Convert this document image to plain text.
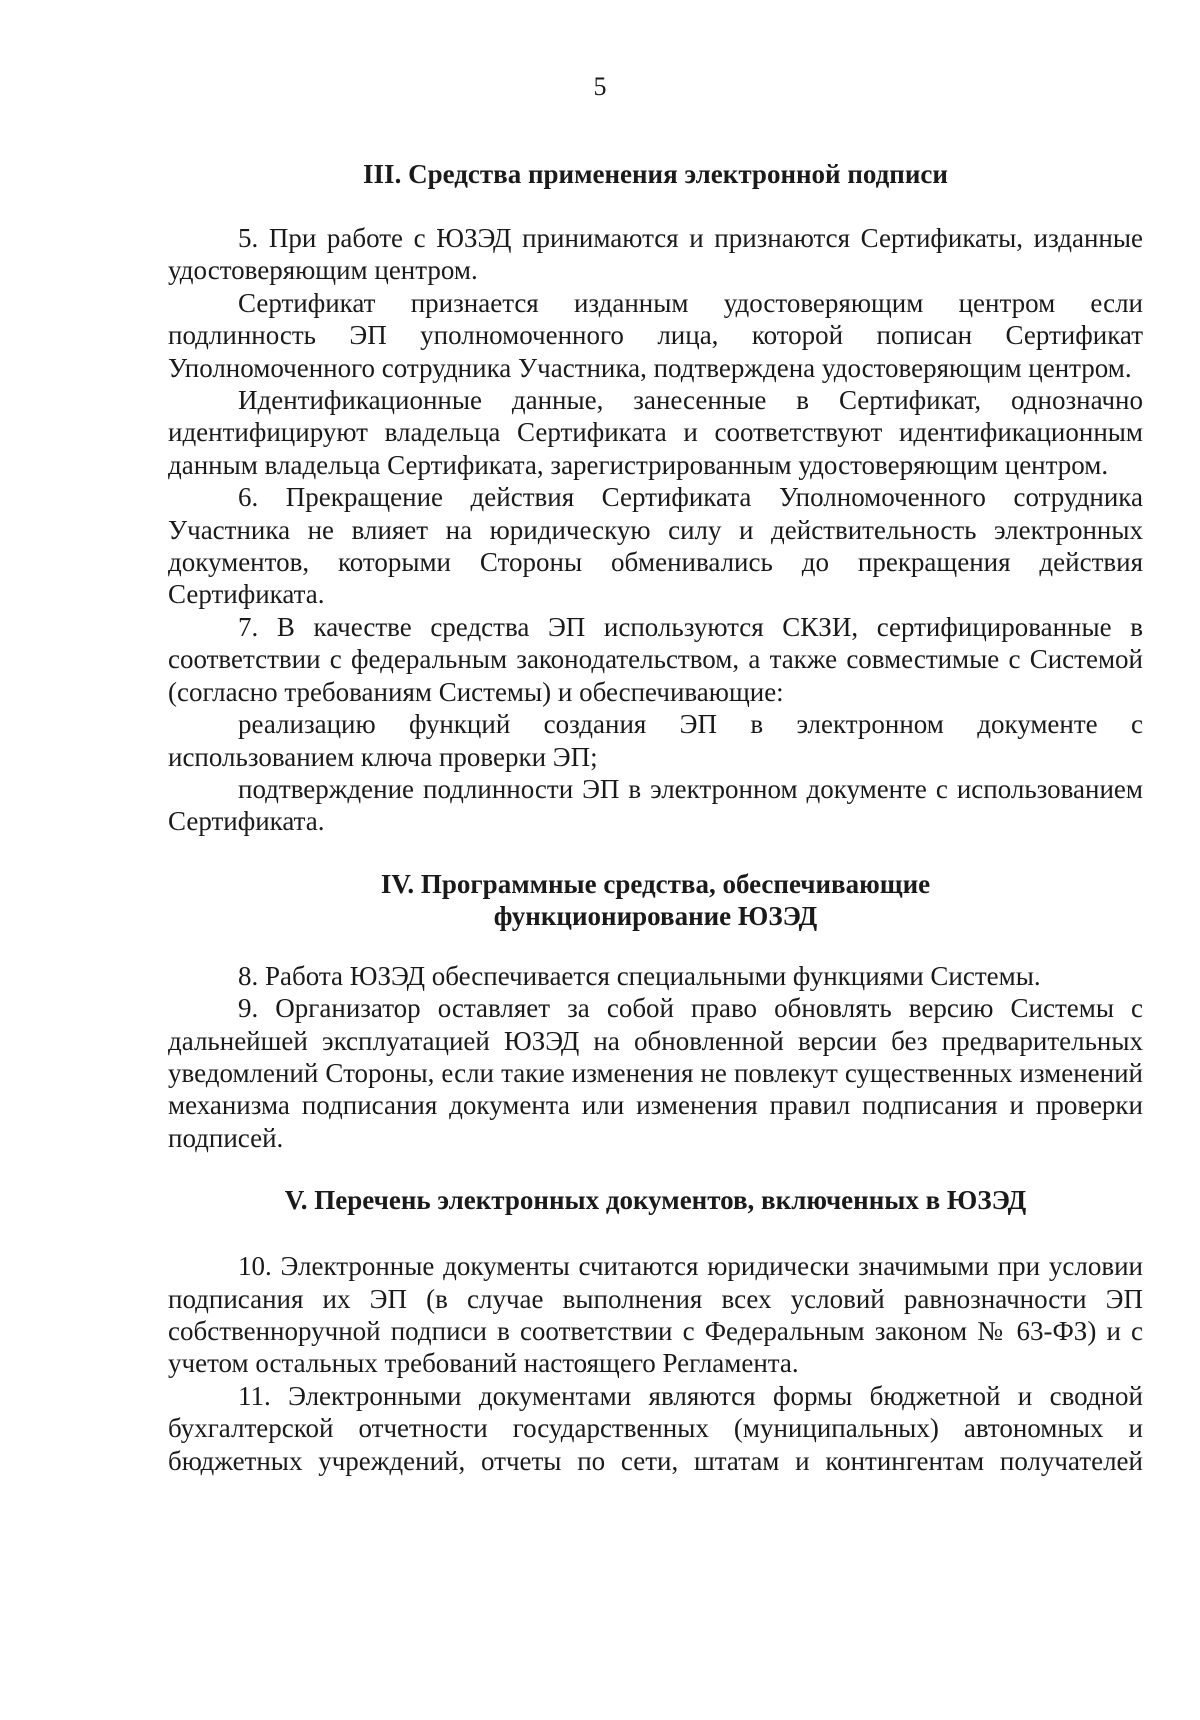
5
III. Средства применения электронной подписи

5. При работе с ЮЗЭД принимаются и признаются Сертификаты, изданные удостоверяющим центром.

Сертификат признается изданным удостоверяющим центром если подлинность ЭП уполномоченного лица, которой пописан Сертификат Уполномоченного сотрудника Участника, подтверждена удостоверяющим центром.

Идентификационные данные, занесенные в Сертификат, однозначно идентифицируют владельца Сертификата и соответствуют идентификационным данным владельца Сертификата, зарегистрированным удостоверяющим центром.

6. Прекращение действия Сертификата Уполномоченного сотрудника Участника не влияет на юридическую силу и действительность электронных документов, которыми Стороны обменивались до прекращения действия Сертификата.

7. В качестве средства ЭП используются СКЗИ, сертифицированные в соответствии с федеральным законодательством, а также совместимые с Системой (согласно требованиям Системы) и обеспечивающие:

реализацию функций создания ЭП в электронном документе с использованием ключа проверки ЭП;

подтверждение подлинности ЭП в электронном документе с использованием Сертификата.

IV. Программные средства, обеспечивающие
функционирование ЮЗЭД

8. Работа ЮЗЭД обеспечивается специальными функциями Системы.

9. Организатор оставляет за собой право обновлять версию Системы с дальнейшей эксплуатацией ЮЗЭД на обновленной версии без предварительных уведомлений Стороны, если такие изменения не повлекут существенных изменений механизма подписания документа или изменения правил подписания и проверки подписей.

V. Перечень электронных документов, включенных в ЮЗЭД

10. Электронные документы считаются юридически значимыми при условии подписания их ЭП (в случае выполнения всех условий равнозначности ЭП собственноручной подписи в соответствии с Федеральным законом № 63-ФЗ) и с учетом остальных требований настоящего Регламента.

11. Электронными документами являются формы бюджетной и сводной бухгалтерской отчетности государственных (муниципальных) автономных и бюджетных учреждений, отчеты по сети, штатам и контингентам получателей
